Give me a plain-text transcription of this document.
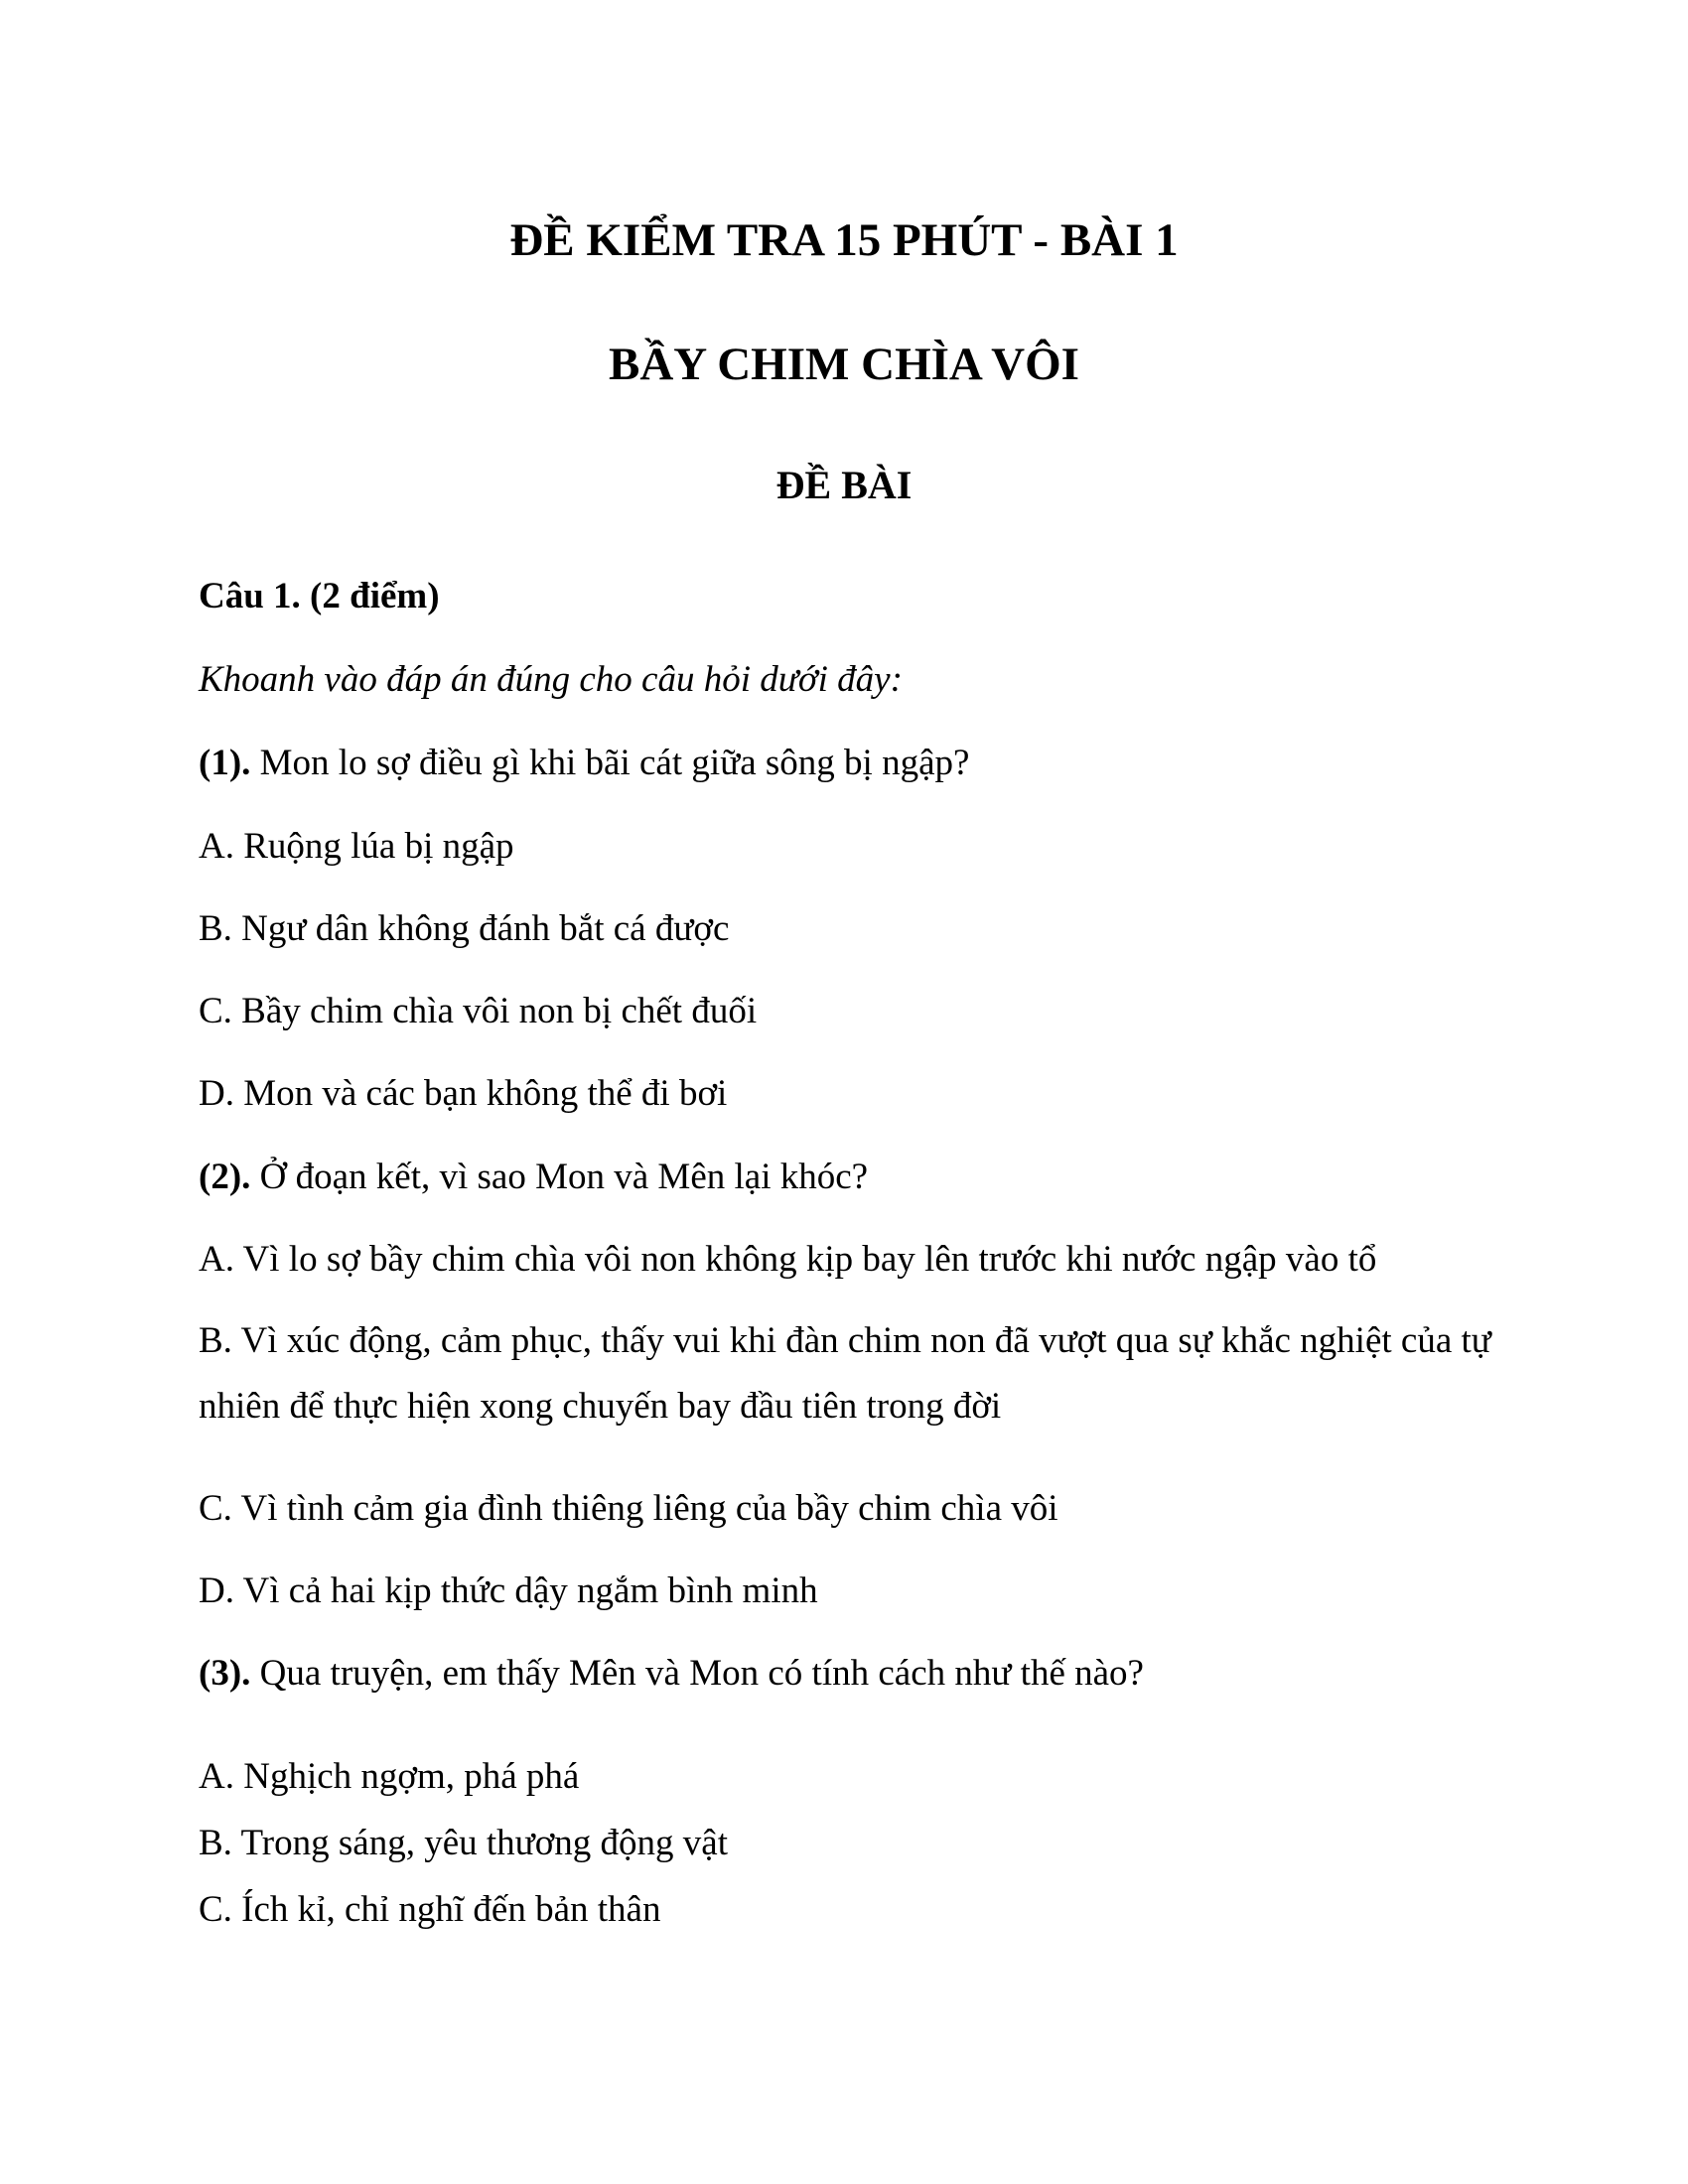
ĐỀ KIỂM TRA 15 PHÚT - BÀI 1
BẦY CHIM CHÌA VÔI
ĐỀ BÀI

Câu 1. (2 điểm)

Khoanh vào đáp án đúng cho câu hỏi dưới đây:

(1). Mon lo sợ điều gì khi bãi cát giữa sông bị ngập?

A. Ruộng lúa bị ngập

B. Ngư dân không đánh bắt cá được

C. Bầy chim chìa vôi non bị chết đuối

D. Mon và các bạn không thể đi bơi

(2). Ở đoạn kết, vì sao Mon và Mên lại khóc?

A. Vì lo sợ bầy chim chìa vôi non không kịp bay lên trước khi nước ngập vào tổ

B. Vì xúc động, cảm phục, thấy vui khi đàn chim non đã vượt qua sự khắc nghiệt của tự nhiên để thực hiện xong chuyến bay đầu tiên trong đời

C. Vì tình cảm gia đình thiêng liêng của bầy chim chìa vôi

D. Vì cả hai kịp thức dậy ngắm bình minh

(3). Qua truyện, em thấy Mên và Mon có tính cách như thế nào?

A. Nghịch ngợm, phá phá

B. Trong sáng, yêu thương động vật

C. Ích kỉ, chỉ nghĩ đến bản thân
